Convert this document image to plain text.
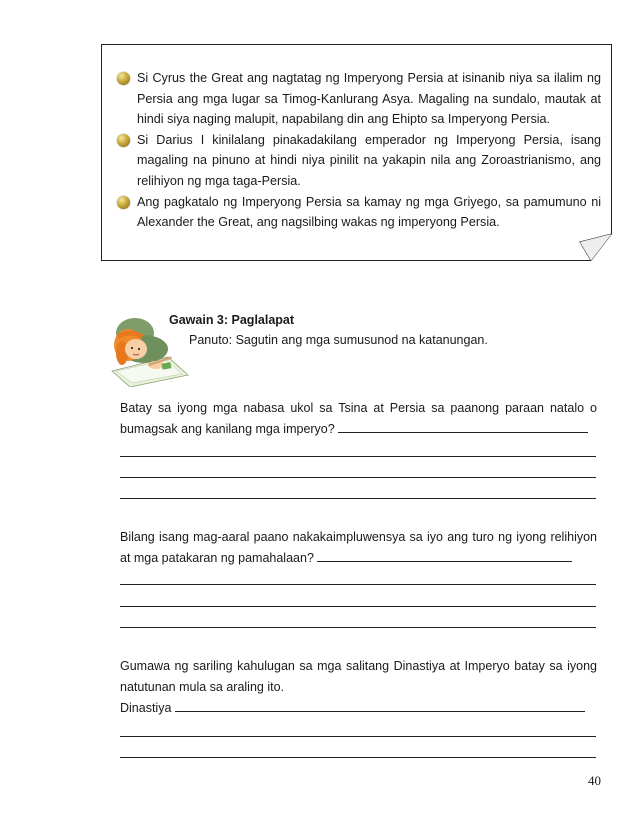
Si Cyrus the Great ang nagtatag ng Imperyong Persia at isinanib niya sa ilalim ng Persia ang mga lugar sa Timog-Kanlurang Asya. Magaling na sundalo, mautak at hindi siya naging malupit, napabilang din ang Ehipto sa Imperyong Persia.
Si Darius I kinilalang pinakadakilang emperador ng Imperyong Persia, isang magaling na pinuno at hindi niya pinilit na yakapin nila ang Zoroastrianismo, ang relihiyon ng mga taga-Persia.
Ang pagkatalo ng Imperyong Persia sa kamay ng mga Griyego, sa pamumuno ni Alexander the Great, ang nagsilbing wakas ng imperyong Persia.
Gawain 3: Paglalapat
Panuto: Sagutin ang mga sumusunod na katanungan.

Batay sa iyong mga nabasa ukol sa Tsina at Persia sa paanong paraan natalo o bumagsak ang kanilang mga imperyo?

Bilang isang mag-aaral paano nakakaimpluwensya sa iyo ang turo ng iyong relihiyon at mga patakaran ng pamahalaan?

Gumawa ng sariling kahulugan sa mga salitang Dinastiya at Imperyo batay sa iyong natutunan mula sa araling ito.

Dinastiya

40
